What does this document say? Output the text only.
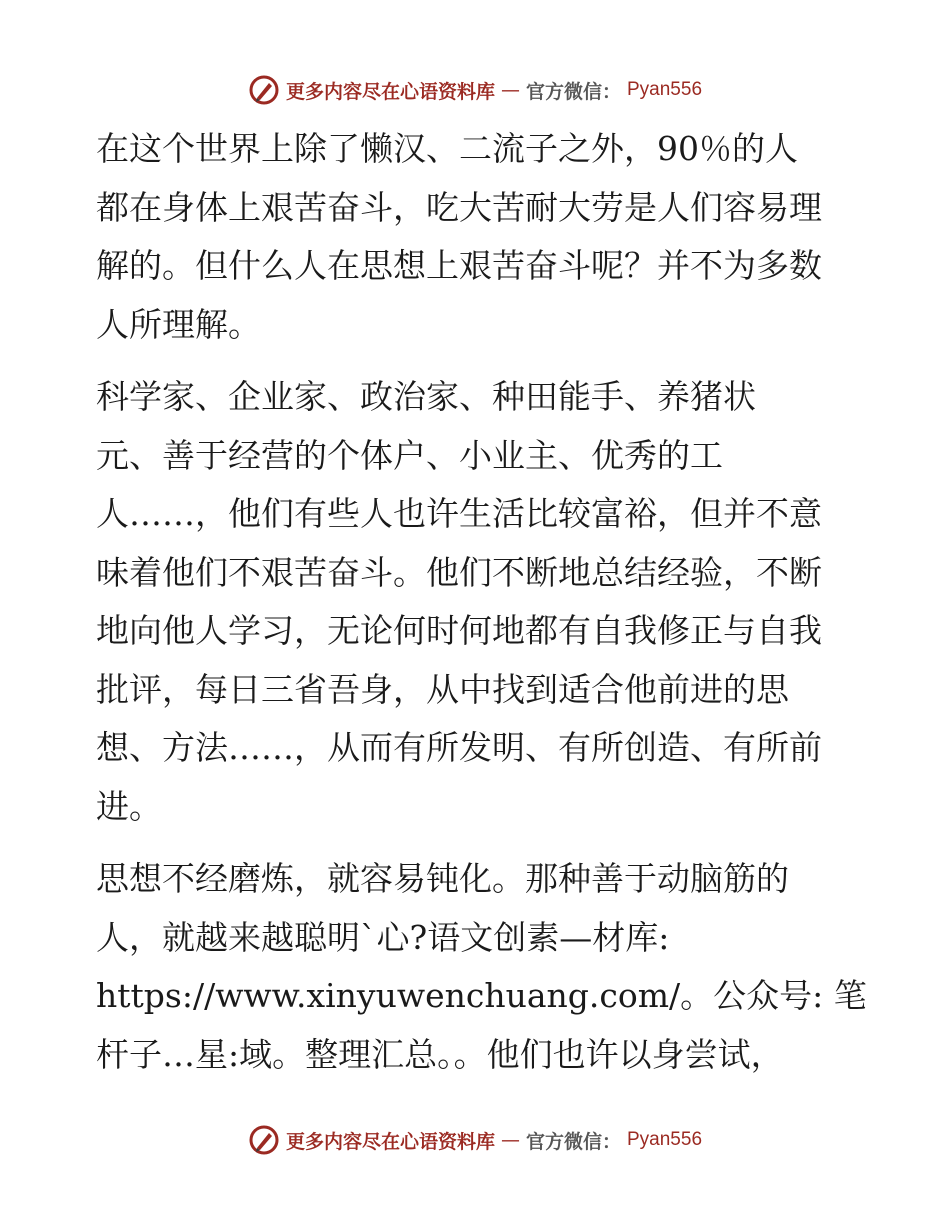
更多内容尽在心语资料库 — 官方微信： Pyan556
在这个世界上除了懒汉、二流子之外，90％的人
都在身体上艰苦奋斗，吃大苦耐大劳是人们容易理
解的。但什么人在思想上艰苦奋斗呢？并不为多数
人所理解。
科学家、企业家、政治家、种田能手、养猪状
元、善于经营的个体户、小业主、优秀的工
人……，他们有些人也许生活比较富裕，但并不意
味着他们不艰苦奋斗。他们不断地总结经验，不断
地向他人学习，无论何时何地都有自我修正与自我
批评，每日三省吾身，从中找到适合他前进的思
想、方法……，从而有所发明、有所创造、有所前
进。
思想不经磨炼，就容易钝化。那种善于动脑筋的
人，就越来越聪明`心?语文创素—材库:
https://www.xinyuwenchuang.com/。公众号: 笔
杆子…星:域。整理汇总。。他们也许以身尝试，
更多内容尽在心语资料库 — 官方微信： Pyan556
